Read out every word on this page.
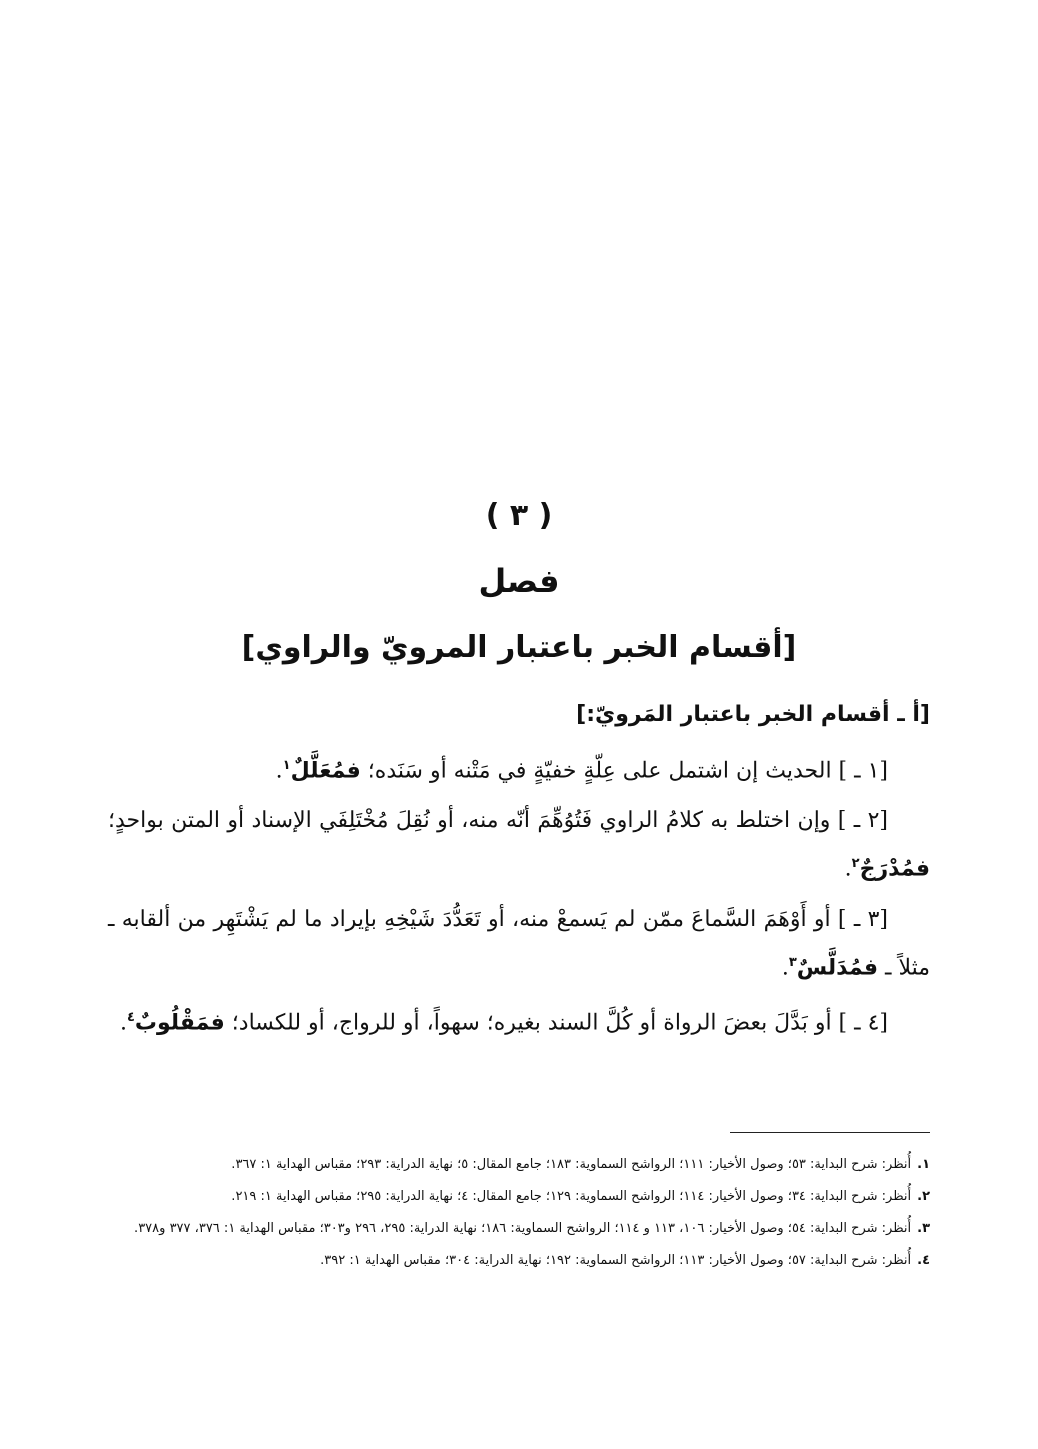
( ٣ )
فصل
[أقسام الخبر باعتبار المرويّ والراوي]
[أ ـ أقسام الخبر باعتبار المَرويّ:]

[١ ـ ] الحديث إن اشتمل على عِلّةٍ خفيّةٍ في مَتْنه أو سَنَده؛ فمُعَلَّلٌ$^١$.

[٢ ـ ] وإن اختلط به كلامُ الراوي فَتُوُهِّمَ أنّه منه، أو نُقِلَ مُخْتَلِفَي الإسناد أو المتن بواحدٍ؛ فمُدْرَجٌ$^٢$.

[٣ ـ ] أو أَوْهَمَ السَّماعَ ممّن لم يَسمعْ منه، أو تَعَدُّدَ شَيْخِهِ بإيراد ما لم يَشْتَهِر من ألقابه ـ مثلاً ـ فمُدَلَّسٌ$^٣$.

[٤ ـ ] أو بَدَّلَ بعضَ الرواة أو كُلَّ السند بغيره؛ سهواً، أو للرواج، أو للكساد؛ فمَقْلُوبٌ$^٤$.

١.أُنظر: شرح البداية: ٥٣؛ وصول الأخيار: ١١١؛ الرواشح السماوية: ١٨٣؛ جامع المقال: ٥؛ نهاية الدراية: ٢٩٣؛ مقباس الهداية ١: ٣٦٧.

٢.أُنظر: شرح البداية: ٣٤؛ وصول الأخيار: ١١٤؛ الرواشح السماوية: ١٢٩؛ جامع المقال: ٤؛ نهاية الدراية: ٢٩٥؛ مقباس الهداية ١: ٢١٩.

٣.أُنظر: شرح البداية: ٥٤؛ وصول الأخيار: ١٠٦، ١١٣ و ١١٤؛ الرواشح السماوية: ١٨٦؛ نهاية الدراية: ٢٩٥، ٢٩٦ و٣٠٣؛ مقباس الهداية ١: ٣٧٦، ٣٧٧ و٣٧٨.

٤.أُنظر: شرح البداية: ٥٧؛ وصول الأخيار: ١١٣؛ الرواشح السماوية: ١٩٢؛ نهاية الدراية: ٣٠٤؛ مقباس الهداية ١: ٣٩٢.
